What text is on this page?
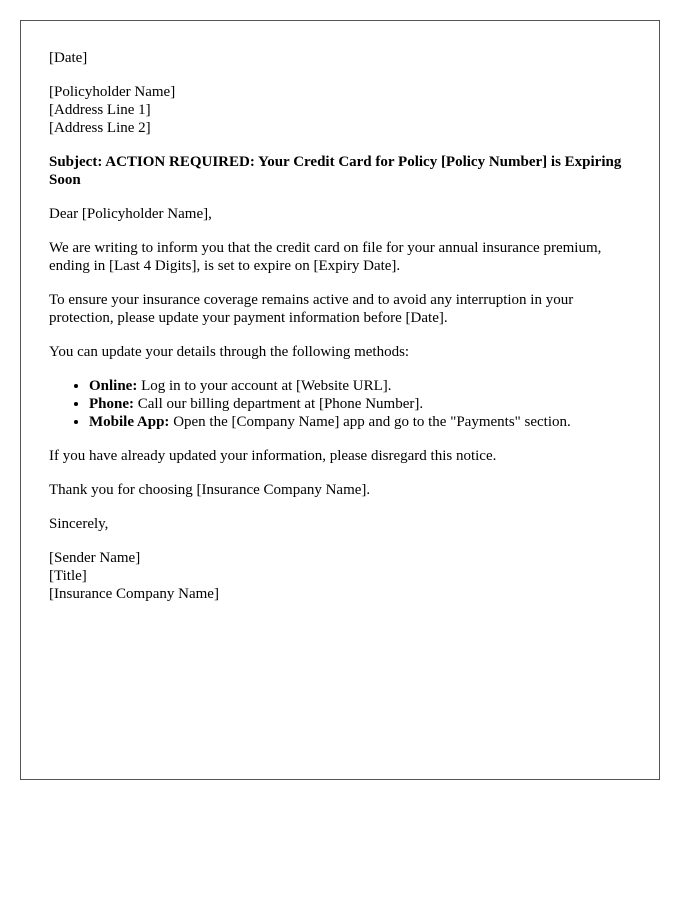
[Date]
[Policyholder Name]
[Address Line 1]
[Address Line 2]
Subject: ACTION REQUIRED: Your Credit Card for Policy [Policy Number] is Expiring Soon
Dear [Policyholder Name],
We are writing to inform you that the credit card on file for your annual insurance premium, ending in [Last 4 Digits], is set to expire on [Expiry Date].
To ensure your insurance coverage remains active and to avoid any interruption in your protection, please update your payment information before [Date].
You can update your details through the following methods:
• Online: Log in to your account at [Website URL].
• Phone: Call our billing department at [Phone Number].
• Mobile App: Open the [Company Name] app and go to the "Payments" section.
If you have already updated your information, please disregard this notice.
Thank you for choosing [Insurance Company Name].
Sincerely,
[Sender Name]
[Title]
[Insurance Company Name]
